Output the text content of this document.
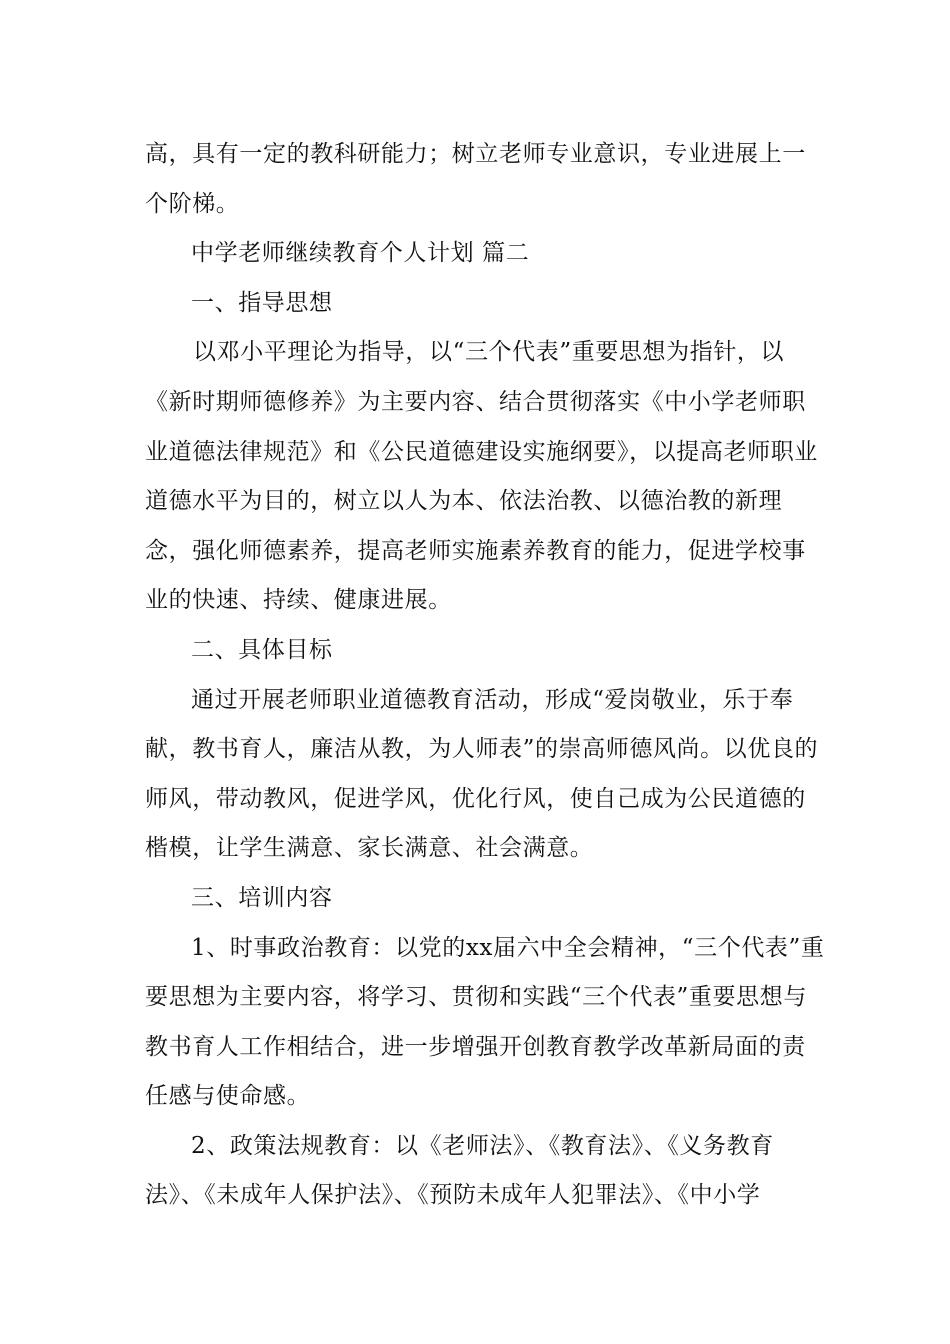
高，具有一定的教科研能力；树立老师专业意识，专业进展上一个阶梯。

中学老师继续教育个人计划 篇二

一、指导思想

以邓小平理论为指导，以“三个代表”重要思想为指针，以《新时期师德修养》为主要内容、结合贯彻落实《中小学老师职业道德法律规范》和《公民道德建设实施纲要》，以提高老师职业道德水平为目的，树立以人为本、依法治教、以德治教的新理念，强化师德素养，提高老师实施素养教育的能力，促进学校事业的快速、持续、健康进展。

二、具体目标

通过开展老师职业道德教育活动，形成“爱岗敬业，乐于奉献，教书育人，廉洁从教，为人师表”的崇高师德风尚。以优良的师风，带动教风，促进学风，优化行风，使自己成为公民道德的楷模，让学生满意、家长满意、社会满意。

三、培训内容

1、时事政治教育：以党的xx届六中全会精神，“三个代表”重要思想为主要内容，将学习、贯彻和实践“三个代表”重要思想与教书育人工作相结合，进一步增强开创教育教学改革新局面的责任感与使命感。

2、政策法规教育：以《老师法》、《教育法》、《义务教育法》、《未成年人保护法》、《预防未成年人犯罪法》、《中小学
